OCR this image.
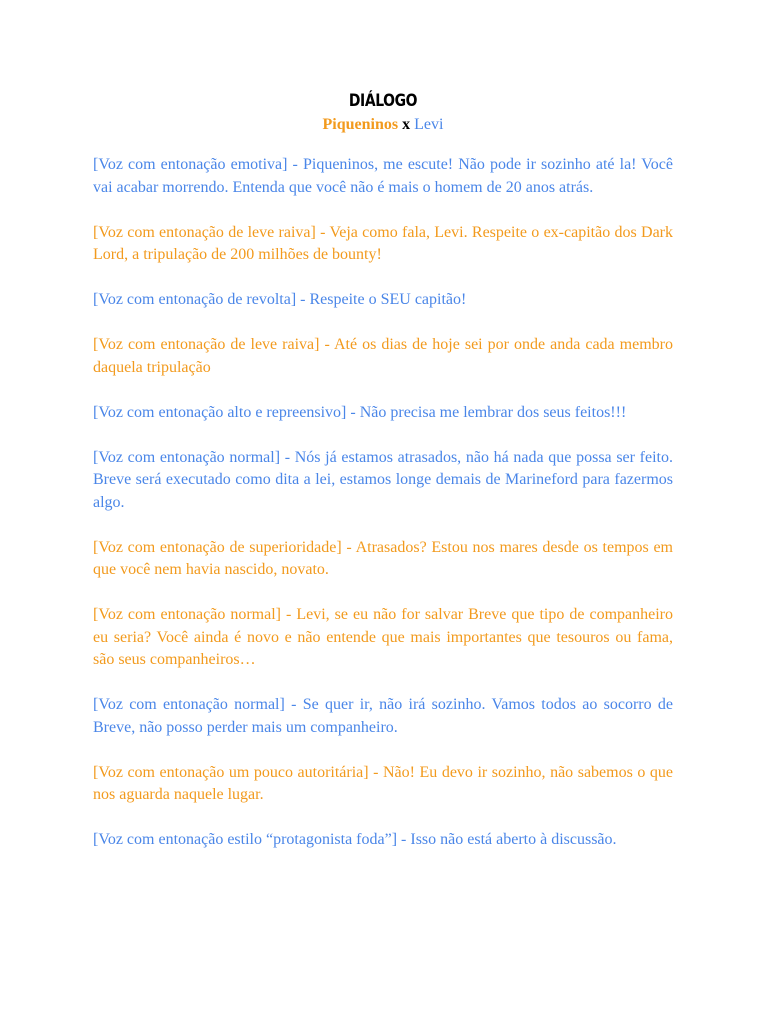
DIÁLOGO

Piqueninos x Levi

[Voz com entonação emotiva] - Piqueninos, me escute! Não pode ir sozinho até la! Você vai acabar morrendo. Entenda que você não é mais o homem de 20 anos atrás.

[Voz com entonação de leve raiva] - Veja como fala, Levi. Respeite o ex-capitão dos Dark Lord, a tripulação de 200 milhões de bounty!

[Voz com entonação de revolta] - Respeite o SEU capitão!

[Voz com entonação de leve raiva] - Até os dias de hoje sei por onde anda cada membro daquela tripulação

[Voz com entonação alto e repreensivo] - Não precisa me lembrar dos seus feitos!!!

[Voz com entonação normal] - Nós já estamos atrasados, não há nada que possa ser feito. Breve será executado como dita a lei, estamos longe demais de Marineford para fazermos algo.

[Voz com entonação de superioridade] - Atrasados? Estou nos mares desde os tempos em que você nem havia nascido, novato.

[Voz com entonação normal] - Levi, se eu não for salvar Breve que tipo de companheiro eu seria? Você ainda é novo e não entende que mais importantes que tesouros ou fama, são seus companheiros…

[Voz com entonação normal] - Se quer ir, não irá sozinho. Vamos todos ao socorro de Breve, não posso perder mais um companheiro.

[Voz com entonação um pouco autoritária] - Não! Eu devo ir sozinho, não sabemos o que nos aguarda naquele lugar.

[Voz com entonação estilo “protagonista foda”] - Isso não está aberto à discussão.
